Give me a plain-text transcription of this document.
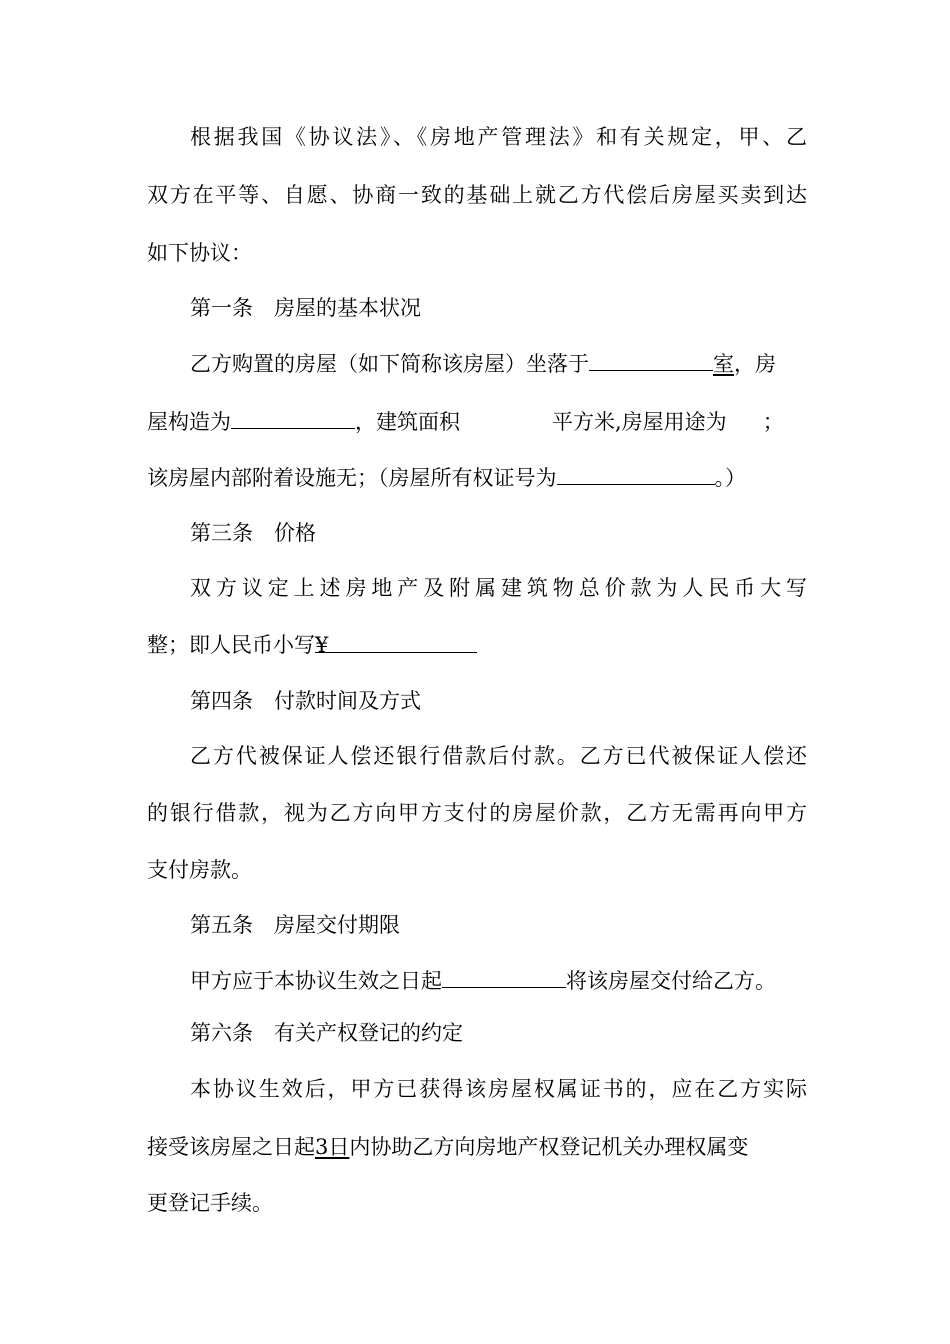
根据我国《协议法》、《房地产管理法》和有关规定，甲、乙
双方在平等、自愿、协商一致的基础上就乙方代偿后房屋买卖到达
如下协议：
第一条　房屋的基本状况
乙方购置的房屋（如下简称该房屋）坐落于	室，房
屋构造为	，建筑面积	平方米,房屋用途为 ；
该房屋内部附着设施无；（房屋所有权证号为	。）
第三条　价格
双方议定上述房地产及附属建筑物总价款为人民币大写
整；即人民币小写¥
第四条　付款时间及方式
乙方代被保证人偿还银行借款后付款。乙方已代被保证人偿还
的银行借款，视为乙方向甲方支付的房屋价款，乙方无需再向甲方
支付房款。
第五条　房屋交付期限
甲方应于本协议生效之日起	将该房屋交付给乙方。
第六条　有关产权登记的约定
本协议生效后，甲方已获得该房屋权属证书的，应在乙方实际
接受该房屋之日起3日内协助乙方向房地产权登记机关办理权属变
更登记手续。
